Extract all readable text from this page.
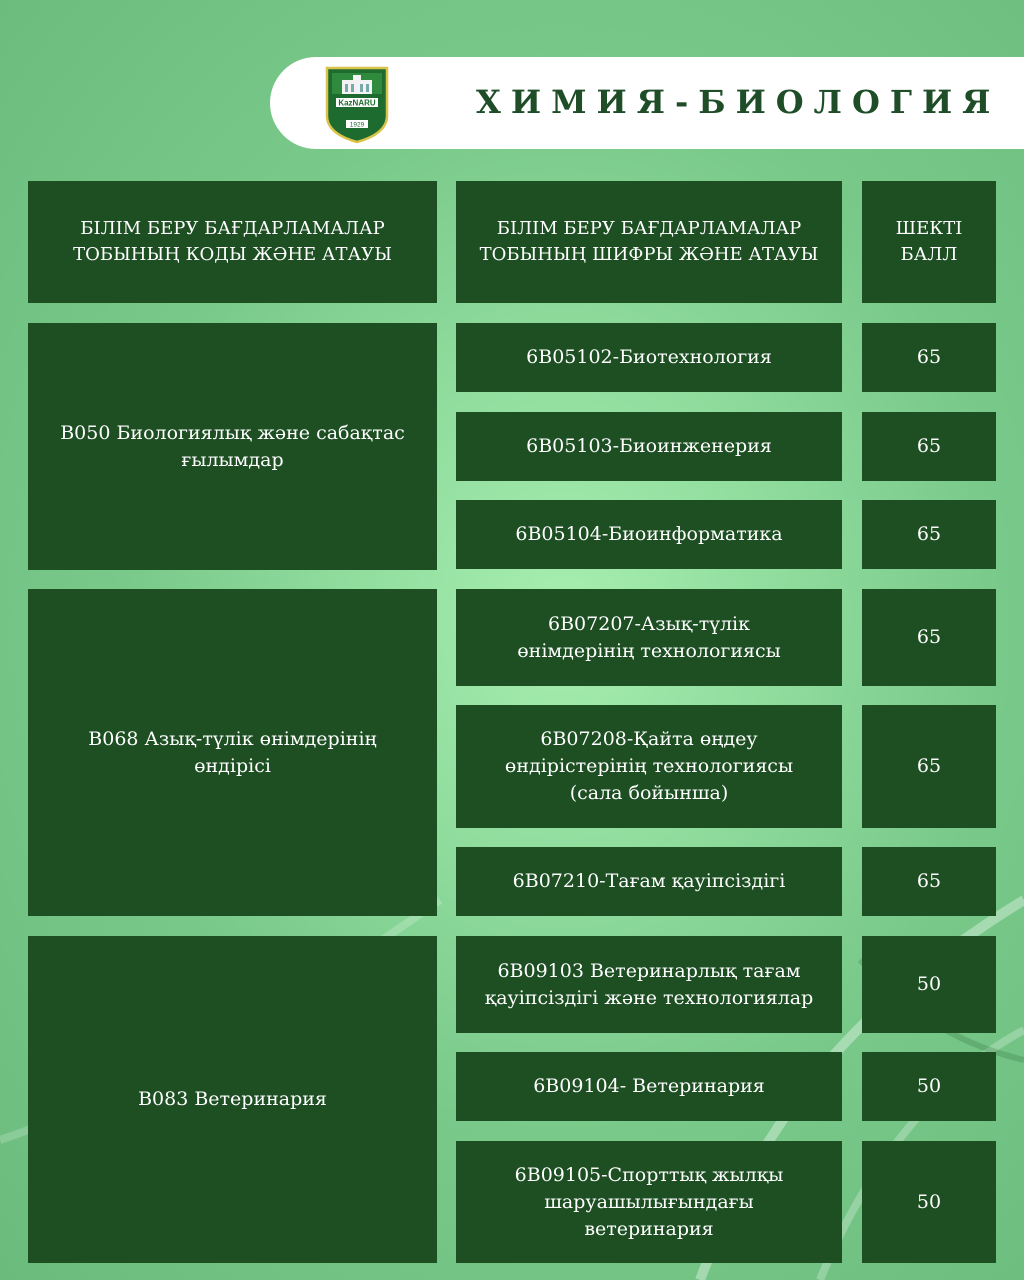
KazNARU
1929
ХИМИЯ-БИОЛОГИЯ
БІЛІМ БЕРУ БАҒДАРЛАМАЛАР ТОБЫНЫҢ КОДЫ ЖӘНЕ АТАУЫ
БІЛІМ БЕРУ БАҒДАРЛАМАЛАР ТОБЫНЫҢ ШИФРЫ ЖӘНЕ АТАУЫ
ШЕКТІ БАЛЛ
B050 Биологиялық және сабақтас ғылымдар
B068 Азық-түлік өнімдерінің өндірісі
B083 Ветеринария
6B05102-Биотехнология
6B05103-Биоинженерия
6B05104-Биоинформатика
6B07207-Азық-түлік өнімдерінің технологиясы
6B07208-Қайта өңдеу өндірістерінің технологиясы (сала бойынша)
6B07210-Тағам қауіпсіздігі
6B09103 Ветеринарлық тағам қауіпсіздігі және технологиялар
6B09104- Ветеринария
6B09105-Спорттық жылқы шаруашылығындағы ветеринария
65
65
65
65
65
65
50
50
50
